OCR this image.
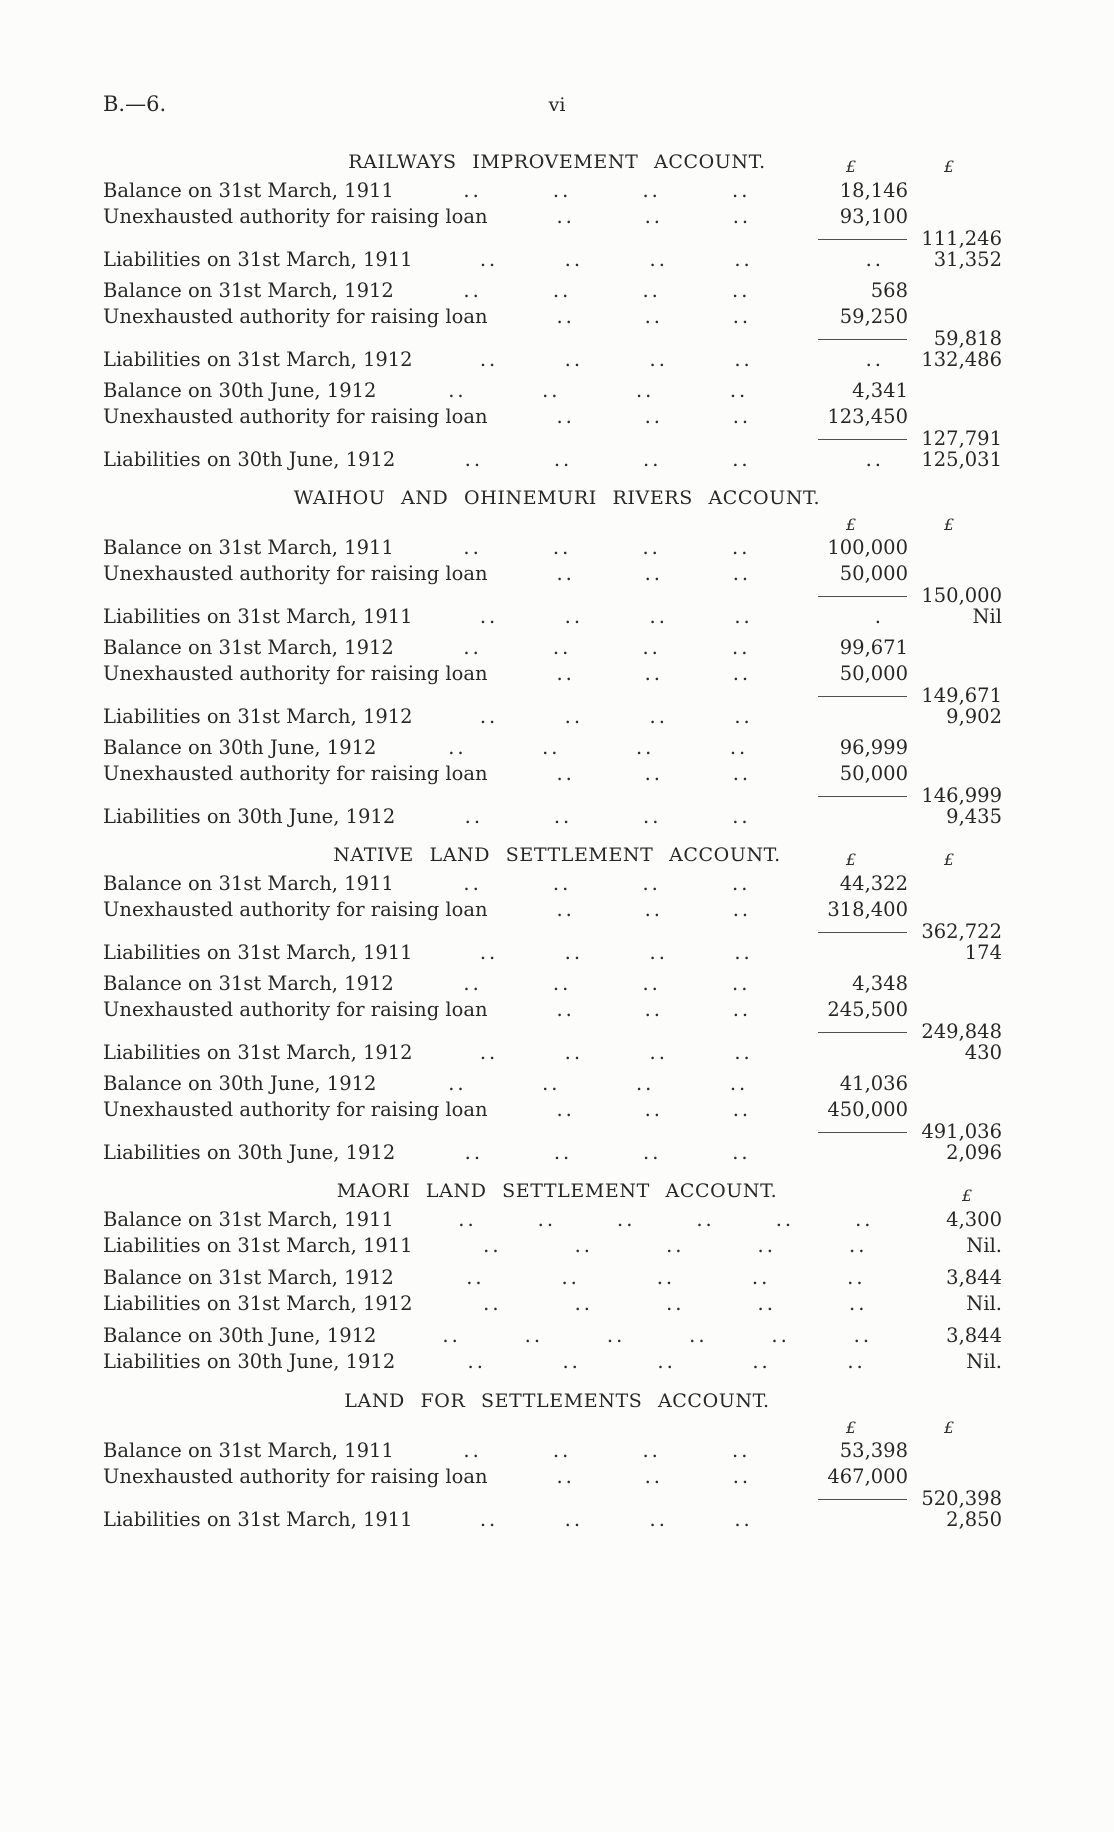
B.—6.	vi
RAILWAYS IMPROVEMENT ACCOUNT.	£	£
Balance on 31st March, 1911	..	..	..	..	18,146
Unexhausted authority for raising loan	..	..	..	93,100
111,246
Liabilities on 31st March, 1911	..	..	..	..	..	31,352
Balance on 31st March, 1912	..	..	..	..	568
Unexhausted authority for raising loan	..	..	..	59,250
59,818
Liabilities on 31st March, 1912	..	..	..	..	..	132,486
Balance on 30th June, 1912	..	..	..	..	4,341
Unexhausted authority for raising loan	..	..	..	123,450
127,791
Liabilities on 30th June, 1912	..	..	..	..	..	125,031
WAIHOU AND OHINEMURI RIVERS ACCOUNT.
£	£
Balance on 31st March, 1911	..	..	..	..	100,000
Unexhausted authority for raising loan	..	..	..	50,000
150,000
Liabilities on 31st March, 1911	..	..	..	..	.	Nil
Balance on 31st March, 1912	..	..	..	..	99,671
Unexhausted authority for raising loan	..	..	..	50,000
149,671
Liabilities on 31st March, 1912	..	..	..	..	9,902
Balance on 30th June, 1912	..	..	..	..	96,999
Unexhausted authority for raising loan	..	..	..	50,000
146,999
Liabilities on 30th June, 1912	..	..	..	..	9,435
NATIVE LAND SETTLEMENT ACCOUNT.	£	£
Balance on 31st March, 1911	..	..	..	..	44,322
Unexhausted authority for raising loan	..	..	..	318,400
362,722
Liabilities on 31st March, 1911	..	..	..	..	174
Balance on 31st March, 1912	..	..	..	..	4,348
Unexhausted authority for raising loan	..	..	..	245,500
249,848
Liabilities on 31st March, 1912	..	..	..	..	430
Balance on 30th June, 1912	..	..	..	..	41,036
Unexhausted authority for raising loan	..	..	..	450,000
491,036
Liabilities on 30th June, 1912	..	..	..	..	2,096
MAORI LAND SETTLEMENT ACCOUNT.	£
Balance on 31st March, 1911	..	..	..	..	..	..	4,300
Liabilities on 31st March, 1911	..	..	..	..	..	Nil.
Balance on 31st March, 1912	..	..	..	..	..	3,844
Liabilities on 31st March, 1912	..	..	..	..	..	Nil.
Balance on 30th June, 1912	..	..	..	..	..	..	3,844
Liabilities on 30th June, 1912	..	..	..	..	..	Nil.
LAND FOR SETTLEMENTS ACCOUNT.
£	£
Balance on 31st March, 1911	..	..	..	..	53,398
Unexhausted authority for raising loan	..	..	..	467,000
520,398
Liabilities on 31st March, 1911	..	..	..	..	2,850
